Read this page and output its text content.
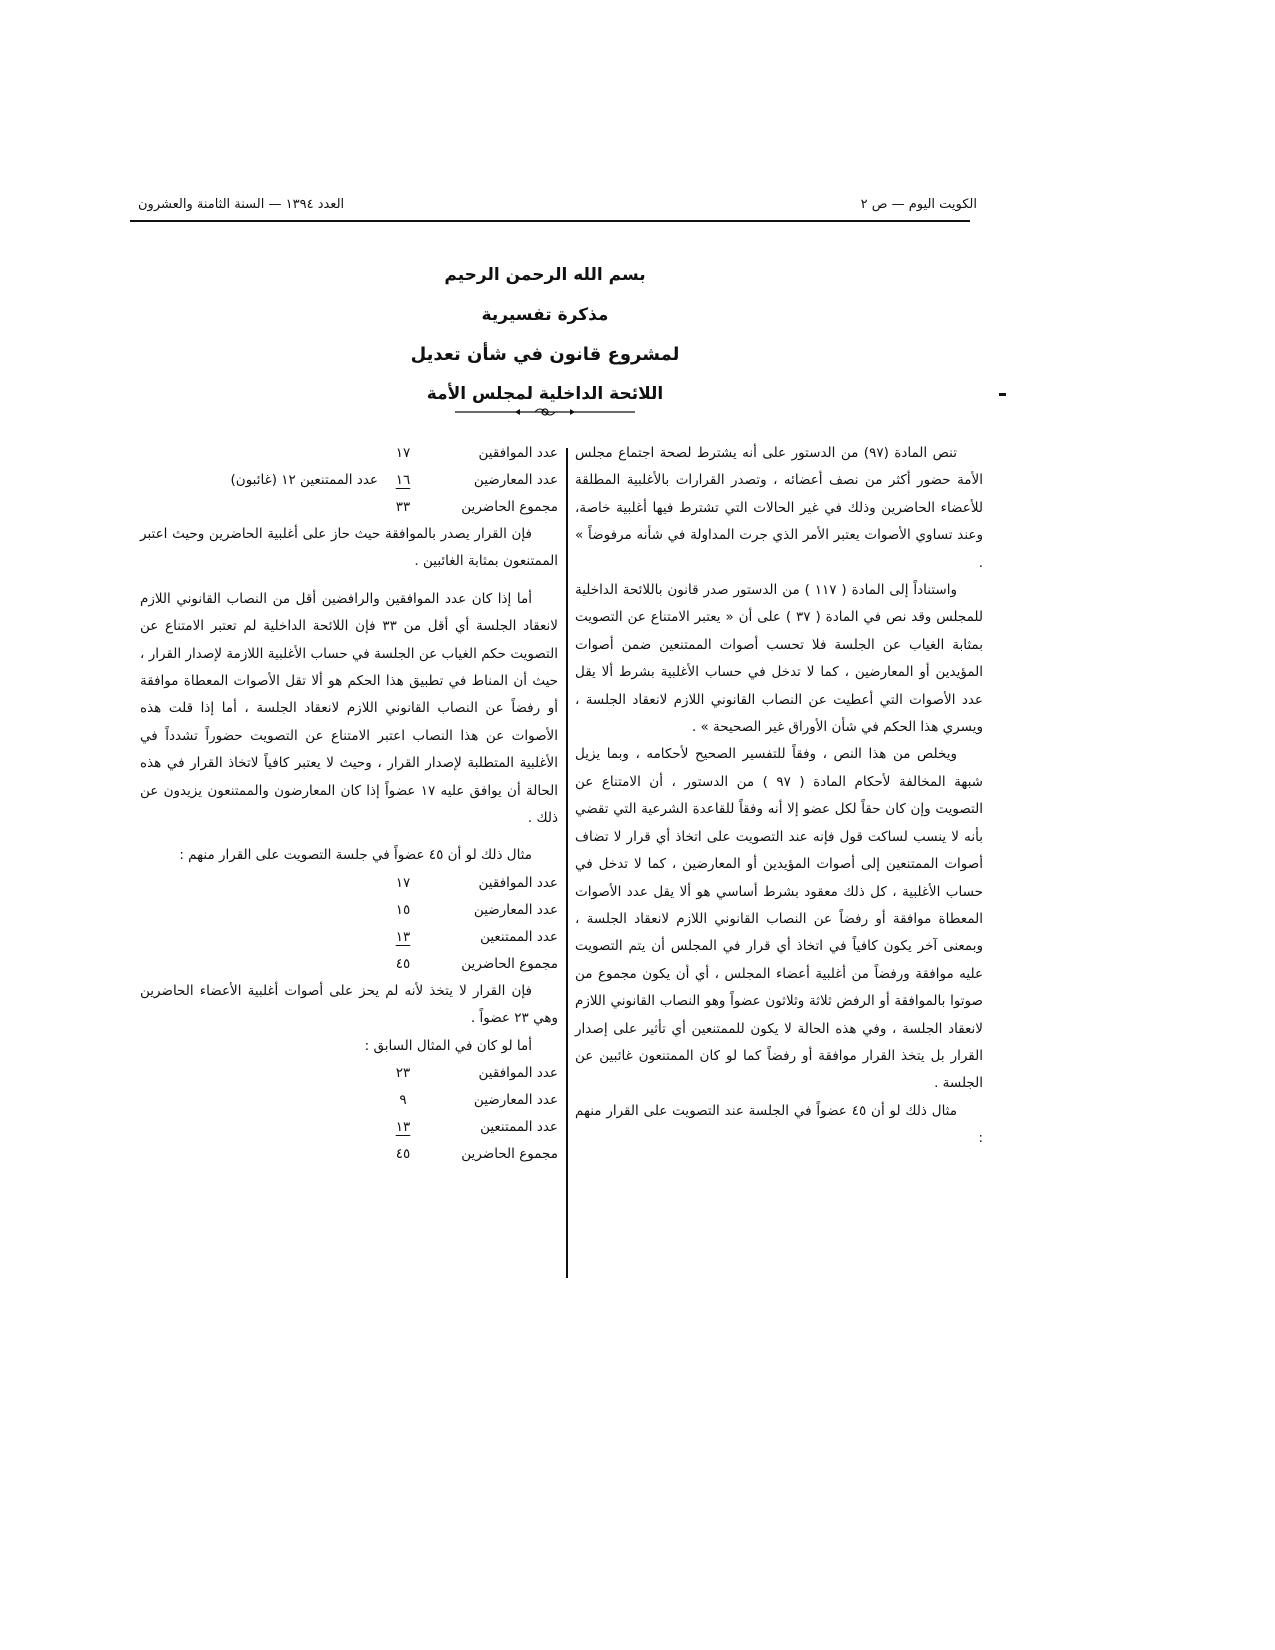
الكويت اليوم — ص ٢
العدد ١٣٩٤ — السنة الثامنة والعشرون
بسم الله الرحمن الرحيم
مذكرة تفسيرية
لمشروع قانون في شأن تعديل
اللائحة الداخلية لمجلس الأمة

تنص المادة (٩٧) من الدستور على أنه يشترط لصحة اجتماع مجلس الأمة حضور أكثر من نصف أعضائه ، وتصدر القرارات بالأغلبية المطلقة للأعضاء الحاضرين وذلك في غير الحالات التي تشترط فيها أغلبية خاصة، وعند تساوي الأصوات يعتبر الأمر الذي جرت المداولة في شأنه مرفوضاً » .

واستناداً إلى المادة ( ١١٧ ) من الدستور صدر قانون باللائحة الداخلية للمجلس وقد نص في المادة ( ٣٧ ) على أن « يعتبر الامتناع عن التصويت بمثابة الغياب عن الجلسة فلا تحسب أصوات الممتنعين ضمن أصوات المؤيدين أو المعارضين ، كما لا تدخل في حساب الأغلبية بشرط ألا يقل عدد الأصوات التي أعطيت عن النصاب القانوني اللازم لانعقاد الجلسة ، ويسري هذا الحكم في شأن الأوراق غير الصحيحة » .

ويخلص من هذا النص ، وفقاً للتفسير الصحيح لأحكامه ، وبما يزيل شبهة المخالفة لأحكام المادة ( ٩٧ ) من الدستور ، أن الامتناع عن التصويت وإن كان حقاً لكل عضو إلا أنه وفقاً للقاعدة الشرعية التي تقضي بأنه لا ينسب لساكت قول فإنه عند التصويت على اتخاذ أي قرار لا تضاف أصوات الممتنعين إلى أصوات المؤيدين أو المعارضين ، كما لا تدخل في حساب الأغلبية ، كل ذلك معقود بشرط أساسي هو ألا يقل عدد الأصوات المعطاة موافقة أو رفضاً عن النصاب القانوني اللازم لانعقاد الجلسة ، وبمعنى آخر يكون كافياً في اتخاذ أي قرار في المجلس أن يتم التصويت عليه موافقة ورفضاً من أغلبية أعضاء المجلس ، أي أن يكون مجموع من صوتوا بالموافقة أو الرفض ثلاثة وثلاثون عضواً وهو النصاب القانوني اللازم لانعقاد الجلسة ، وفي هذه الحالة لا يكون للممتنعين أي تأثير على إصدار القرار بل يتخذ القرار موافقة أو رفضاً كما لو كان الممتنعون غائبين عن الجلسة .

مثال ذلك لو أن ٤٥ عضواً في الجلسة عند التصويت على القرار منهم :

عدد الموافقين
١٧
عدد المعارضين
١٦
عدد الممتنعين ١٢ (غائبون)
مجموع الحاضرين
٣٣

فإن القرار يصدر بالموافقة حيث حاز على أغلبية الحاضرين وحيث اعتبر الممتنعون بمثابة الغائبين .

أما إذا كان عدد الموافقين والرافضين أقل من النصاب القانوني اللازم لانعقاد الجلسة أي أقل من ٣٣ فإن اللائحة الداخلية لم تعتبر الامتناع عن التصويت حكم الغياب عن الجلسة في حساب الأغلبية اللازمة لإصدار القرار ، حيث أن المناط في تطبيق هذا الحكم هو ألا تقل الأصوات المعطاة موافقة أو رفضاً عن النصاب القانوني اللازم لانعقاد الجلسة ، أما إذا قلت هذه الأصوات عن هذا النصاب اعتبر الامتناع عن التصويت حضوراً تشدداً في الأغلبية المتطلبة لإصدار القرار ، وحيث لا يعتبر كافياً لاتخاذ القرار في هذه الحالة أن يوافق عليه ١٧ عضواً إذا كان المعارضون والممتنعون يزيدون عن ذلك .

مثال ذلك لو أن ٤٥ عضواً في جلسة التصويت على القرار منهم :

عدد الموافقين
١٧
عدد المعارضين
١٥
عدد الممتنعين
١٣
مجموع الحاضرين
٤٥

فإن القرار لا يتخذ لأنه لم يحز على أصوات أغلبية الأعضاء الحاضرين وهي ٢٣ عضواً .

أما لو كان في المثال السابق :

عدد الموافقين
٢٣
عدد المعارضين
٩
عدد الممتنعين
١٣
مجموع الحاضرين
٤٥
